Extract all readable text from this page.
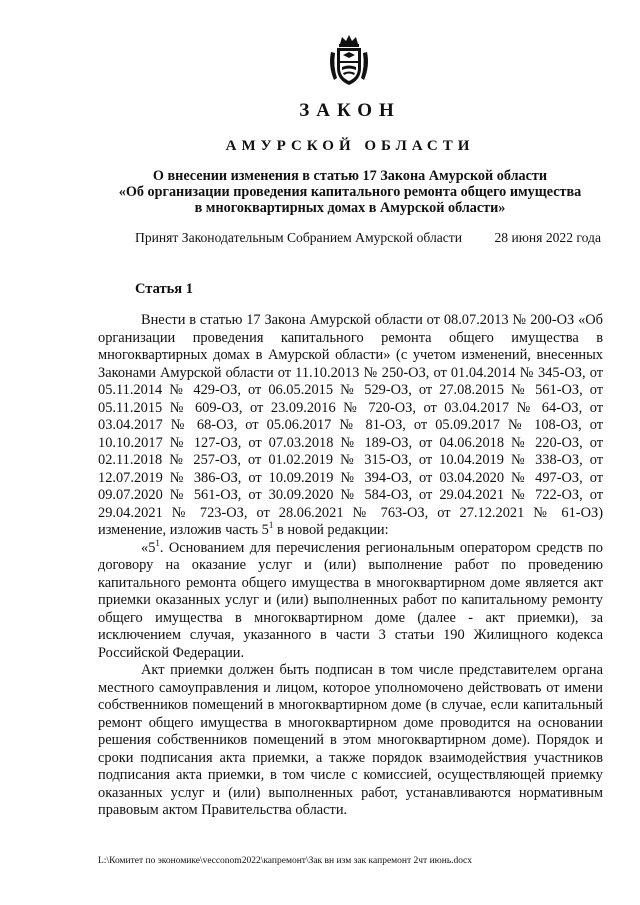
ЗАКОН
АМУРСКОЙ ОБЛАСТИ
О внесении изменения в статью 17 Закона Амурской области
«Об организации проведения капитального ремонта общего имущества
в многоквартирных домах в Амурской области»
Принят Законодательным Собранием Амурской области 28 июня 2022 года
Статья 1

Внести в статью 17 Закона Амурской области от 08.07.2013 № 200-ОЗ «Об организации проведения капитального ремонта общего имущества в многоквартирных домах в Амурской области» (с учетом изменений, внесенных Законами Амурской области от 11.10.2013 № 250-ОЗ, от 01.04.2014 № 345-ОЗ, от 05.11.2014 № 429-ОЗ, от 06.05.2015 № 529-ОЗ, от 27.08.2015 № 561-ОЗ, от 05.11.2015 № 609-ОЗ, от 23.09.2016 № 720-ОЗ, от 03.04.2017 № 64-ОЗ, от 03.04.2017 № 68-ОЗ, от 05.06.2017 № 81-ОЗ, от 05.09.2017 № 108-ОЗ, от 10.10.2017 № 127-ОЗ, от 07.03.2018 № 189-ОЗ, от 04.06.2018 № 220-ОЗ, от 02.11.2018 № 257-ОЗ, от 01.02.2019 № 315-ОЗ, от 10.04.2019 № 338-ОЗ, от 12.07.2019 № 386-ОЗ, от 10.09.2019 № 394-ОЗ, от 03.04.2020 № 497-ОЗ, от 09.07.2020 № 561-ОЗ, от 30.09.2020 № 584-ОЗ, от 29.04.2021 № 722-ОЗ, от 29.04.2021 № 723-ОЗ, от 28.06.2021 № 763-ОЗ, от 27.12.2021 № 61-ОЗ) изменение, изложив часть $5^1$ в новой редакции:

«$5^1$. Основанием для перечисления региональным оператором средств по договору на оказание услуг и (или) выполнение работ по проведению капитального ремонта общего имущества в многоквартирном доме является акт приемки оказанных услуг и (или) выполненных работ по капитальному ремонту общего имущества в многоквартирном доме (далее - акт приемки), за исключением случая, указанного в части 3 статьи 190 Жилищного кодекса Российской Федерации.

Акт приемки должен быть подписан в том числе представителем органа местного самоуправления и лицом, которое уполномочено действовать от имени собственников помещений в многоквартирном доме (в случае, если капитальный ремонт общего имущества в многоквартирном доме проводится на основании решения собственников помещений в этом многоквартирном доме). Порядок и сроки подписания акта приемки, а также порядок взаимодействия участников подписания акта приемки, в том числе с комиссией, осуществляющей приемку оказанных услуг и (или) выполненных работ, устанавливаются нормативным правовым актом Правительства области.

L:\Комитет по экономике\vecconom2022\капремонт\Зак вн изм зак капремонт 2чт июнь.docx
